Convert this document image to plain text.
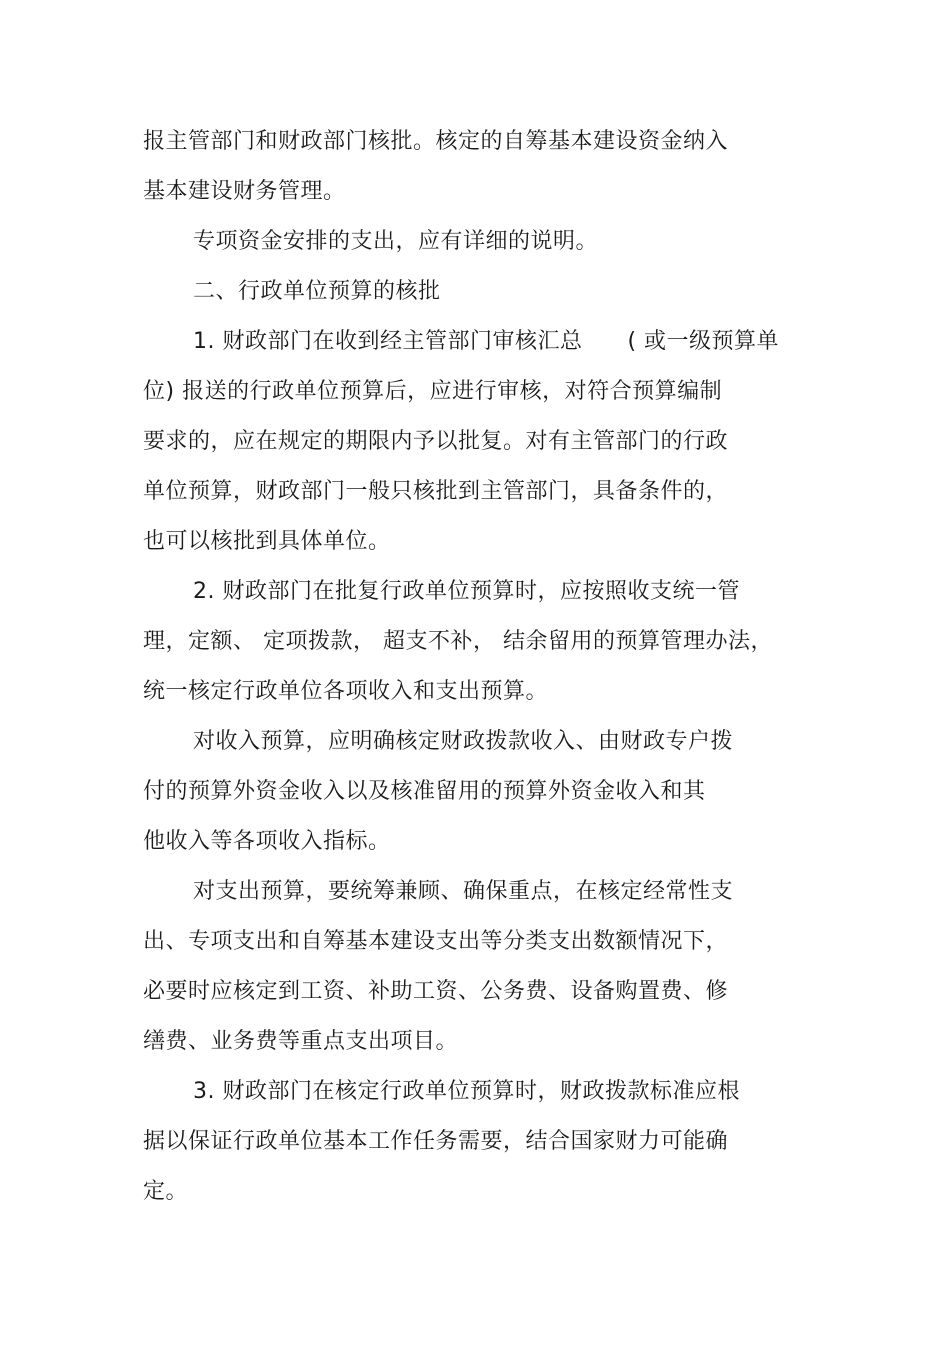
报主管部门和财政部门核批。核定的自筹基本建设资金纳入
基本建设财务管理。
专项资金安排的支出，应有详细的说明。
二、行政单位预算的核批
1. 财政部门在收到经主管部门审核汇总　　( 或一级预算单
位) 报送的行政单位预算后，应进行审核，对符合预算编制
要求的，应在规定的期限内予以批复。对有主管部门的行政
单位预算，财政部门一般只核批到主管部门，具备条件的，
也可以核批到具体单位。
2. 财政部门在批复行政单位预算时，应按照收支统一管
理，定额、 定项拨款， 超支不补， 结余留用的预算管理办法，
统一核定行政单位各项收入和支出预算。
对收入预算，应明确核定财政拨款收入、由财政专户拨
付的预算外资金收入以及核准留用的预算外资金收入和其
他收入等各项收入指标。
对支出预算，要统筹兼顾、确保重点，在核定经常性支
出、专项支出和自筹基本建设支出等分类支出数额情况下，
必要时应核定到工资、补助工资、公务费、设备购置费、修
缮费、业务费等重点支出项目。
3. 财政部门在核定行政单位预算时，财政拨款标准应根
据以保证行政单位基本工作任务需要，结合国家财力可能确
定。
